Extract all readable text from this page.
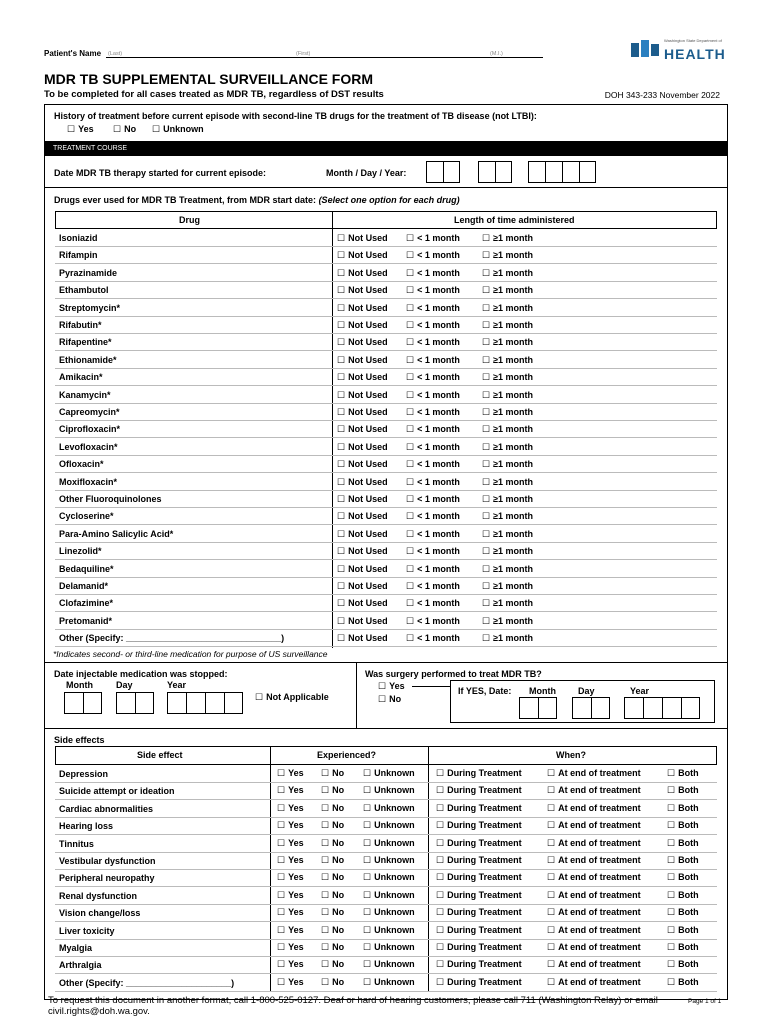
Patient's Name (Last)	(First)	(M.I.)
Washington State Department of
HEALTH
MDR TB SUPPLEMENTAL SURVEILLANCE FORM
To be completed for all cases treated as MDR TB, regardless of DST results	DOH 343-233 November 2022
History of treatment before current episode with second-line TB drugs for the treatment of TB disease (not LTBI):
☐ Yes	☐ No	☐ Unknown
TREATMENT COURSE
Date MDR TB therapy started for current episode:	Month / Day / Year:
Drugs ever used for MDR TB Treatment, from MDR start date: (Select one option for each drug)
Drug	Length of time administered
Isoniazid	☐ Not Used	☐ < 1 month	☐ ≥1 month
Rifampin	☐ Not Used	☐ < 1 month	☐ ≥1 month
Pyrazinamide	☐ Not Used	☐ < 1 month	☐ ≥1 month
Ethambutol	☐ Not Used	☐ < 1 month	☐ ≥1 month
Streptomycin*	☐ Not Used	☐ < 1 month	☐ ≥1 month
Rifabutin*	☐ Not Used	☐ < 1 month	☐ ≥1 month
Rifapentine*	☐ Not Used	☐ < 1 month	☐ ≥1 month
Ethionamide*	☐ Not Used	☐ < 1 month	☐ ≥1 month
Amikacin*	☐ Not Used	☐ < 1 month	☐ ≥1 month
Kanamycin*	☐ Not Used	☐ < 1 month	☐ ≥1 month
Capreomycin*	☐ Not Used	☐ < 1 month	☐ ≥1 month
Ciprofloxacin*	☐ Not Used	☐ < 1 month	☐ ≥1 month
Levofloxacin*	☐ Not Used	☐ < 1 month	☐ ≥1 month
Ofloxacin*	☐ Not Used	☐ < 1 month	☐ ≥1 month
Moxifloxacin*	☐ Not Used	☐ < 1 month	☐ ≥1 month
Other Fluoroquinolones	☐ Not Used	☐ < 1 month	☐ ≥1 month
Cycloserine*	☐ Not Used	☐ < 1 month	☐ ≥1 month
Para-Amino Salicylic Acid*	☐ Not Used	☐ < 1 month	☐ ≥1 month
Linezolid*	☐ Not Used	☐ < 1 month	☐ ≥1 month
Bedaquiline*	☐ Not Used	☐ < 1 month	☐ ≥1 month
Delamanid*	☐ Not Used	☐ < 1 month	☐ ≥1 month
Clofazimine*	☐ Not Used	☐ < 1 month	☐ ≥1 month
Pretomanid*	☐ Not Used	☐ < 1 month	☐ ≥1 month
Other (Specify: _______________________________)	☐ Not Used	☐ < 1 month	☐ ≥1 month
*Indicates second- or third-line medication for purpose of US surveillance
Date injectable medication was stopped:
Month	Day	Year
☐ Not Applicable
Was surgery performed to treat MDR TB?
☐ Yes
☐ No
If YES, Date: Month Day	Year
Side effects
Side effect	Experienced?	When?
Depression	☐ Yes	☐ No	☐ Unknown	☐ During Treatment	☐ At end of treatment	☐ Both
Suicide attempt or ideation	☐ Yes	☐ No	☐ Unknown	☐ During Treatment	☐ At end of treatment	☐ Both
Cardiac abnormalities	☐ Yes	☐ No	☐ Unknown	☐ During Treatment	☐ At end of treatment	☐ Both
Hearing loss	☐ Yes	☐ No	☐ Unknown	☐ During Treatment	☐ At end of treatment	☐ Both
Tinnitus	☐ Yes	☐ No	☐ Unknown	☐ During Treatment	☐ At end of treatment	☐ Both
Vestibular dysfunction	☐ Yes	☐ No	☐ Unknown	☐ During Treatment	☐ At end of treatment	☐ Both
Peripheral neuropathy	☐ Yes	☐ No	☐ Unknown	☐ During Treatment	☐ At end of treatment	☐ Both
Renal dysfunction	☐ Yes	☐ No	☐ Unknown	☐ During Treatment	☐ At end of treatment	☐ Both
Vision change/loss	☐ Yes	☐ No	☐ Unknown	☐ During Treatment	☐ At end of treatment	☐ Both
Liver toxicity	☐ Yes	☐ No	☐ Unknown	☐ During Treatment	☐ At end of treatment	☐ Both
Myalgia	☐ Yes	☐ No	☐ Unknown	☐ During Treatment	☐ At end of treatment	☐ Both
Arthralgia	☐ Yes	☐ No	☐ Unknown	☐ During Treatment	☐ At end of treatment	☐ Both
Other (Specify: _____________________)	☐ Yes	☐ No	☐ Unknown	☐ During Treatment	☐ At end of treatment	☐ Both
To request this document in another format, call 1-800-525-0127. Deaf or hard of hearing customers, please call 711 (Washington Relay) or email civil.rights@doh.wa.gov.
Page 1 of 1
